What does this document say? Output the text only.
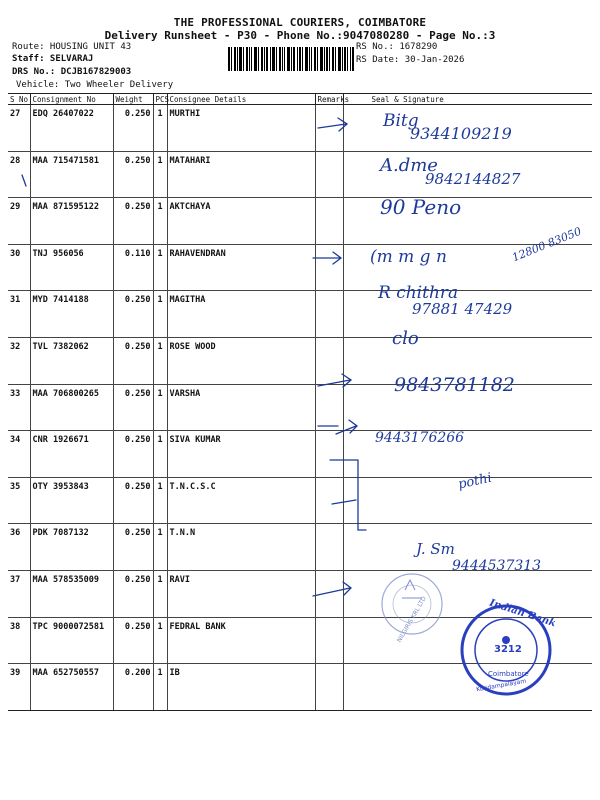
THE PROFESSIONAL COURIERS, COIMBATORE
Delivery Runsheet - P30 - Phone No.:9047080280 - Page No.:3
Route: HOUSING UNIT 43
Staff: SELVARAJ
DRS No.: DCJB167829003
Vehicle: Two Wheeler Delivery
RS No.: 1678290
RS Date: 30-Jan-2026
S No	Consignment No	Weight	PCS	Consignee Details	Remarks	Seal & Signature
27	EDQ 26407022	0.250	1	MURTHI		
28	MAA 715471581	0.250	1	MATAHARI		
29	MAA 871595122	0.250	1	AKTCHAYA		
30	TNJ 956056	0.110	1	RAHAVENDRAN		
31	MYD 7414188	0.250	1	MAGITHA		
32	TVL 7382062	0.250	1	ROSE WOOD		
33	MAA 706800265	0.250	1	VARSHA		
34	CNR 1926671	0.250	1	SIVA KUMAR		
35	OTY 3953843	0.250	1	T.N.C.S.C		
36	PDK 7087132	0.250	1	T.N.N		
37	MAA 578535009	0.250	1	RAVI		
38	TPC 9000072581	0.250	1	FEDRAL BANK		
39	MAA 652750557	0.200	1	IB		
Bitg
9344109219
A.dme
9842144827
90 Peno
(m m g n	12800 83050
R chithra
97881 47429
clo
9843781182
9443176266
pothi
J. Sm
9444537313
NILGIRIS KRL LTD	Indian Bank
3212
Coimbatore
Kundampalayam
